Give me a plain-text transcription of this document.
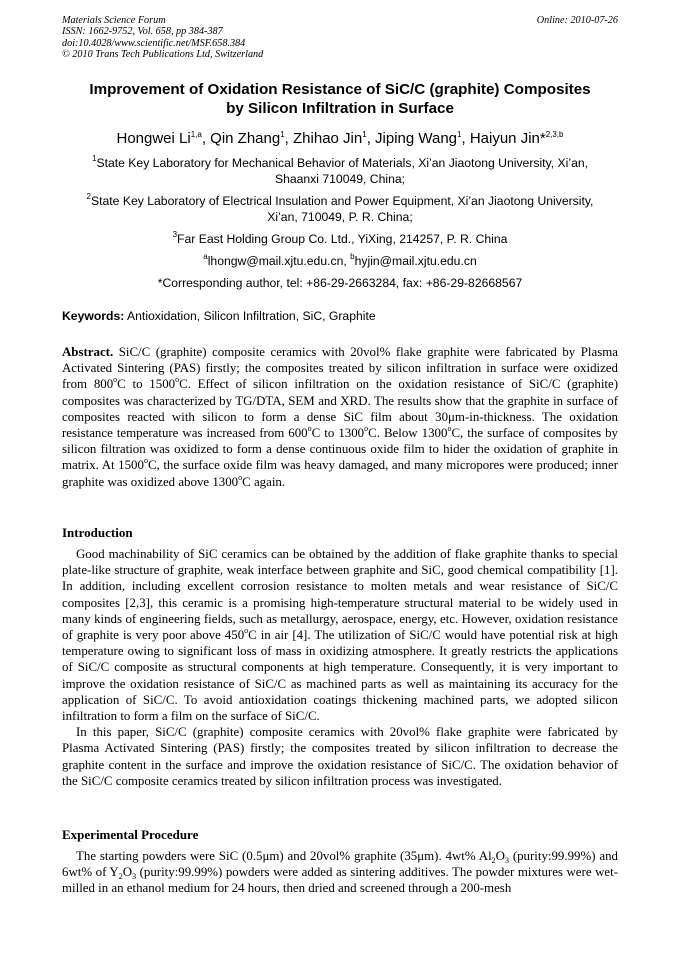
Materials Science Forum
ISSN: 1662-9752, Vol. 658, pp 384-387
doi:10.4028/www.scientific.net/MSF.658.384
© 2010 Trans Tech Publications Ltd, Switzerland
Online: 2010-07-26
Improvement of Oxidation Resistance of SiC/C (graphite) Composites
by Silicon Infiltration in Surface
Hongwei Li$^{1,a}$, Qin Zhang$^1$, Zhihao Jin$^1$, Jiping Wang$^1$, Haiyun Jin*$^{2,3,b}$

$^1$State Key Laboratory for Mechanical Behavior of Materials, Xi’an Jiaotong University, Xi’an,
Shaanxi 710049, China;

$^2$State Key Laboratory of Electrical Insulation and Power Equipment, Xi’an Jiaotong University,
Xi’an, 710049, P. R. China;

$^3$Far East Holding Group Co. Ltd., YiXing, 214257, P. R. China

$^a$lhongw@mail.xjtu.edu.cn, $^b$hyjin@mail.xjtu.edu.cn

*Corresponding author, tel: +86-29-2663284, fax: +86-29-82668567

Keywords: Antioxidation, Silicon Infiltration, SiC, Graphite

Abstract. SiC/C (graphite) composite ceramics with 20vol% flake graphite were fabricated by Plasma Activated Sintering (PAS) firstly; the composites treated by silicon infiltration in surface were oxidized from 800$^o$C to 1500$^o$C. Effect of silicon infiltration on the oxidation resistance of SiC/C (graphite) composites was characterized by TG/DTA, SEM and XRD. The results show that the graphite in surface of composites reacted with silicon to form a dense SiC film about 30μm-in-thickness. The oxidation resistance temperature was increased from 600$^o$C to 1300$^o$C. Below 1300$^o$C, the surface of composites by silicon filtration was oxidized to form a dense continuous oxide film to hider the oxidation of graphite in matrix. At 1500$^o$C, the surface oxide film was heavy damaged, and many micropores were produced; inner graphite was oxidized above 1300$^o$C again.

Introduction

Good machinability of SiC ceramics can be obtained by the addition of flake graphite thanks to special plate-like structure of graphite, weak interface between graphite and SiC, good chemical compatibility [1]. In addition, including excellent corrosion resistance to molten metals and wear resistance of SiC/C composites [2,3], this ceramic is a promising high-temperature structural material to be widely used in many kinds of engineering fields, such as metallurgy, aerospace, energy, etc. However, oxidation resistance of graphite is very poor above 450$^o$C in air [4]. The utilization of SiC/C would have potential risk at high temperature owing to significant loss of mass in oxidizing atmosphere. It greatly restricts the applications of SiC/C composite as structural components at high temperature. Consequently, it is very important to improve the oxidation resistance of SiC/C as machined parts as well as maintaining its accuracy for the application of SiC/C. To avoid antioxidation coatings thickening machined parts, we adopted silicon infiltration to form a film on the surface of SiC/C.

In this paper, SiC/C (graphite) composite ceramics with 20vol% flake graphite were fabricated by Plasma Activated Sintering (PAS) firstly; the composites treated by silicon infiltration to decrease the graphite content in the surface and improve the oxidation resistance of SiC/C. The oxidation behavior of the SiC/C composite ceramics treated by silicon infiltration process was investigated.

Experimental Procedure

The starting powders were SiC (0.5μm) and 20vol% graphite (35μm). 4wt% $Al_2O_3$ (purity:99.99%) and 6wt% of $Y_2O_3$ (purity:99.99%) powders were added as sintering additives. The powder mixtures were wet-milled in an ethanol medium for 24 hours, then dried and screened through a 200-mesh
